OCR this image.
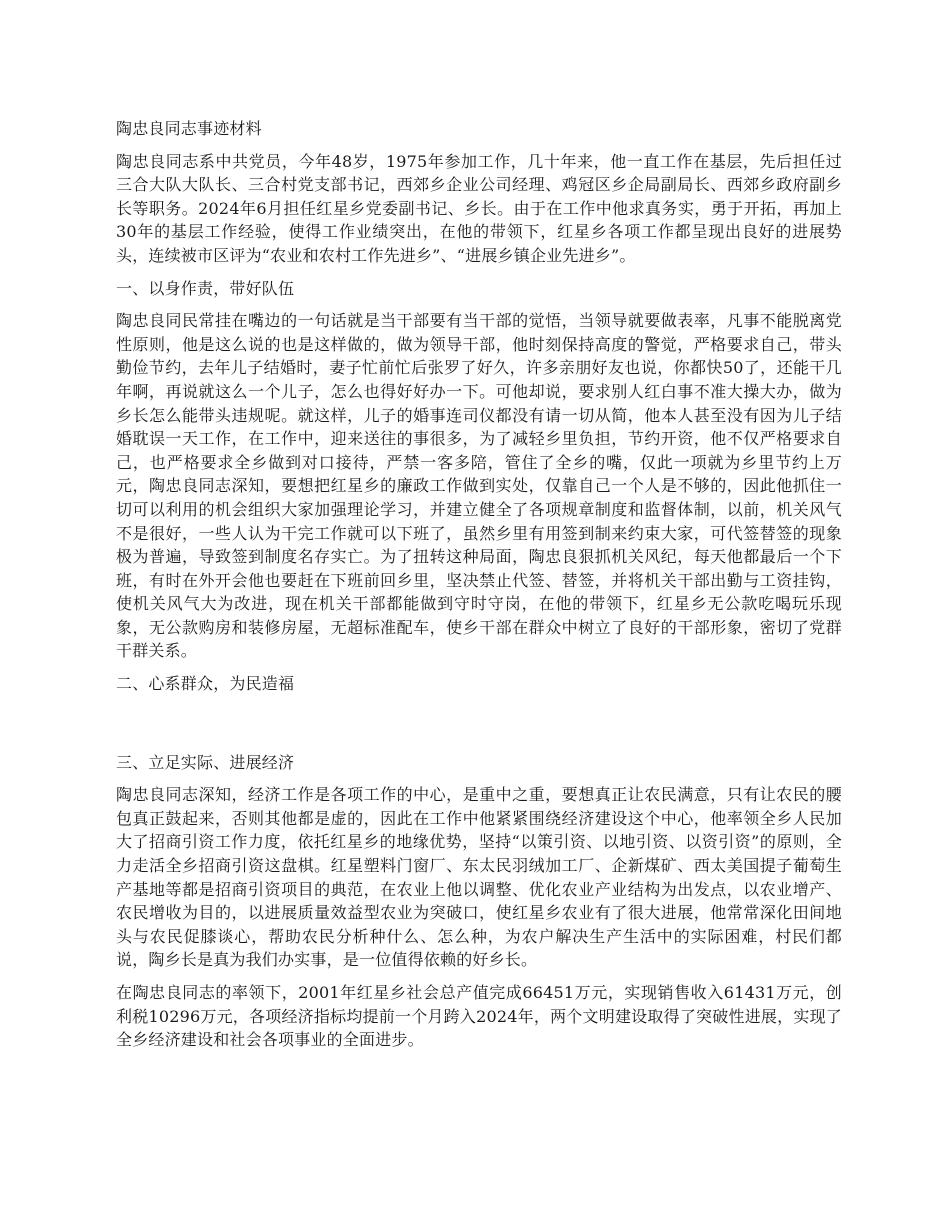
陶忠良同志事迹材料

陶忠良同志系中共党员，今年48岁，1975年参加工作，几十年来，他一直工作在基层，先后担任过三合大队大队长、三合村党支部书记，西郊乡企业公司经理、鸡冠区乡企局副局长、西郊乡政府副乡长等职务。2024年6月担任红星乡党委副书记、乡长。由于在工作中他求真务实，勇于开拓，再加上30年的基层工作经验，使得工作业绩突出，在他的带领下，红星乡各项工作都呈现出良好的进展势头，连续被市区评为“农业和农村工作先进乡”、“进展乡镇企业先进乡”。

一、以身作责，带好队伍

陶忠良同民常挂在嘴边的一句话就是当干部要有当干部的觉悟，当领导就要做表率，凡事不能脱离党性原则，他是这么说的也是这样做的，做为领导干部，他时刻保持高度的警觉，严格要求自己，带头勤俭节约，去年儿子结婚时，妻子忙前忙后张罗了好久，许多亲朋好友也说，你都快50了，还能干几年啊，再说就这么一个儿子，怎么也得好好办一下。可他却说，要求别人红白事不准大操大办，做为乡长怎么能带头违规呢。就这样，儿子的婚事连司仪都没有请一切从简，他本人甚至没有因为儿子结婚耽误一天工作，在工作中，迎来送往的事很多，为了减轻乡里负担，节约开资，他不仅严格要求自己，也严格要求全乡做到对口接待，严禁一客多陪，管住了全乡的嘴，仅此一项就为乡里节约上万元，陶忠良同志深知，要想把红星乡的廉政工作做到实处，仅靠自己一个人是不够的，因此他抓住一切可以利用的机会组织大家加强理论学习，并建立健全了各项规章制度和监督体制，以前，机关风气不是很好，一些人认为干完工作就可以下班了，虽然乡里有用签到制来约束大家，可代签替签的现象极为普遍，导致签到制度名存实亡。为了扭转这种局面，陶忠良狠抓机关风纪，每天他都最后一个下班，有时在外开会他也要赶在下班前回乡里，坚决禁止代签、替签，并将机关干部出勤与工资挂钩，使机关风气大为改进，现在机关干部都能做到守时守岗，在他的带领下，红星乡无公款吃喝玩乐现象，无公款购房和装修房屋，无超标准配车，使乡干部在群众中树立了良好的干部形象，密切了党群干群关系。

二、心系群众，为民造福

三、立足实际、进展经济

陶忠良同志深知，经济工作是各项工作的中心，是重中之重，要想真正让农民满意，只有让农民的腰包真正鼓起来，否则其他都是虚的，因此在工作中他紧紧围绕经济建设这个中心，他率领全乡人民加大了招商引资工作力度，依托红星乡的地缘优势，坚持“以策引资、以地引资、以资引资”的原则，全力走活全乡招商引资这盘棋。红星塑料门窗厂、东太民羽绒加工厂、企新煤矿、西太美国提子葡萄生产基地等都是招商引资项目的典范，在农业上他以调整、优化农业产业结构为出发点，以农业增产、农民增收为目的，以进展质量效益型农业为突破口，使红星乡农业有了很大进展，他常常深化田间地头与农民促膝谈心，帮助农民分析种什么、怎么种，为农户解决生产生活中的实际困难，村民们都说，陶乡长是真为我们办实事，是一位值得依赖的好乡长。

在陶忠良同志的率领下，2001年红星乡社会总产值完成66451万元，实现销售收入61431万元，创利税10296万元，各项经济指标均提前一个月跨入2024年，两个文明建设取得了突破性进展，实现了全乡经济建设和社会各项事业的全面进步。
